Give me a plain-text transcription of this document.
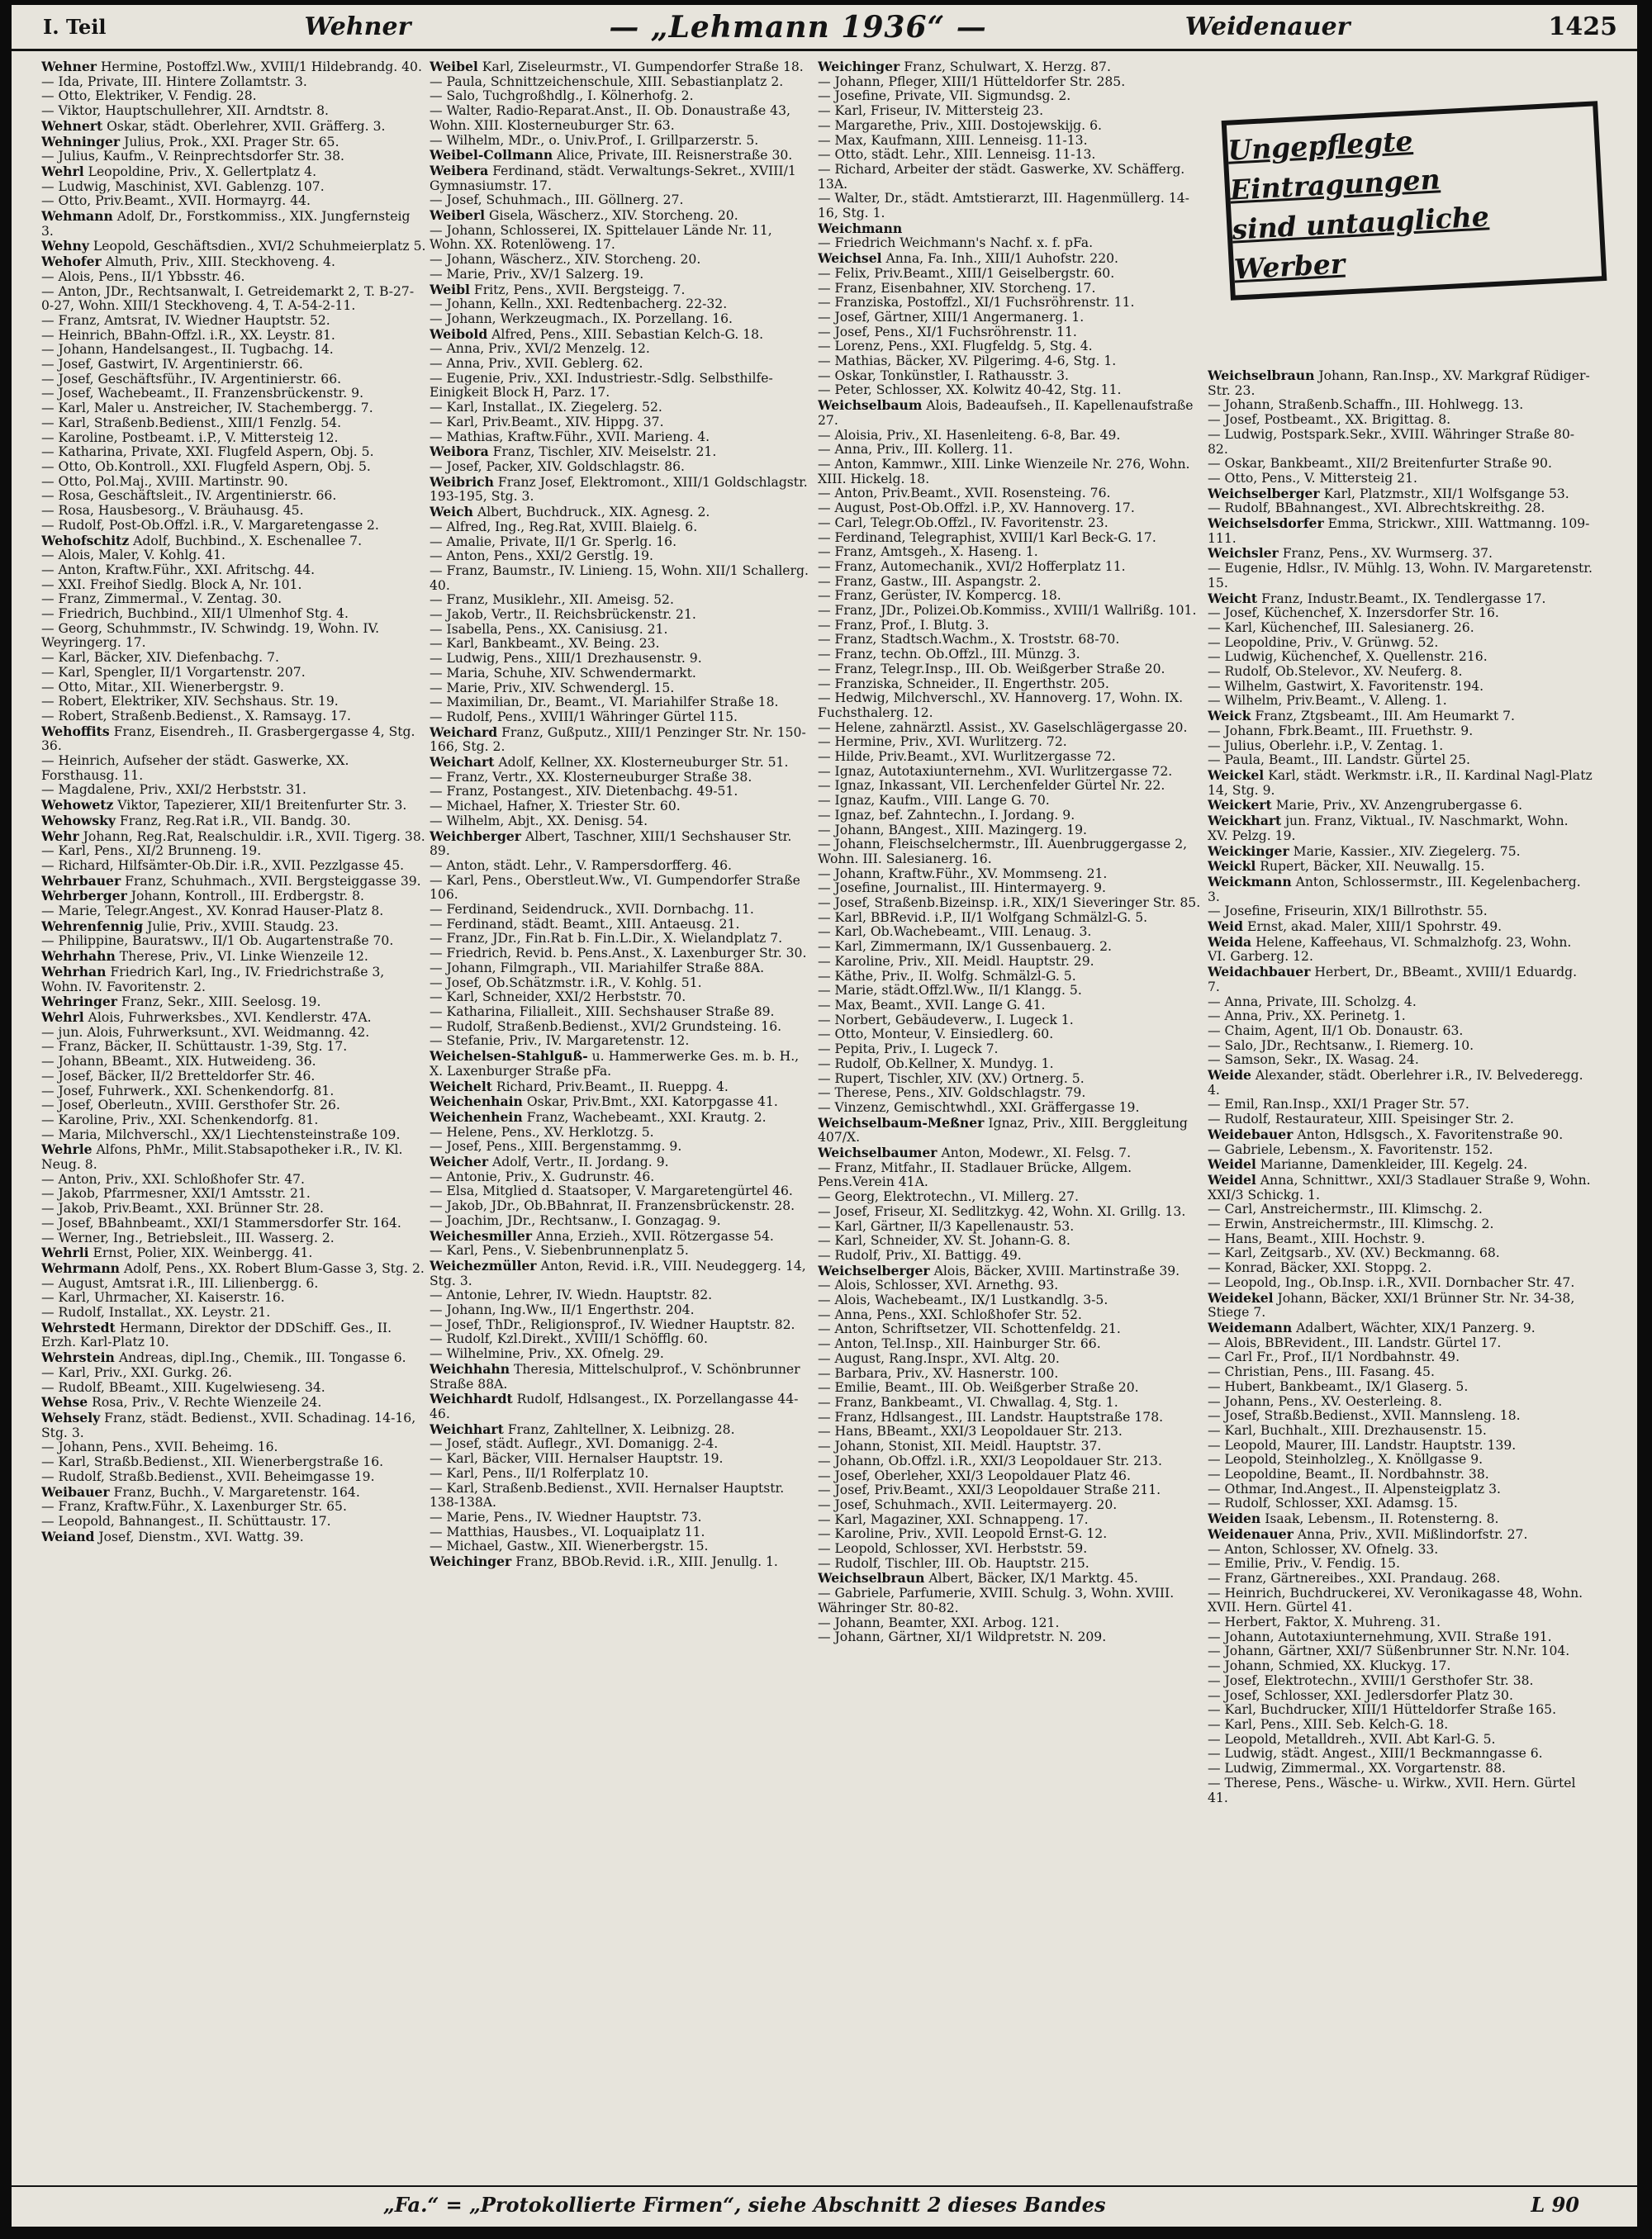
I. Teil	Wehner	— „Lehmann 1936“ —	Weidenauer	1425

Wehner Hermine, Postoffzl.Ww., XVIII/1 Hildebrandg. 40.

— Ida, Private, III. Hintere Zollamtstr. 3.

— Otto, Elektriker, V. Fendig. 28.

— Viktor, Hauptschullehrer, XII. Arndtstr. 8.

Wehnert Oskar, städt. Oberlehrer, XVII. Gräfferg. 3.

Wehninger Julius, Prok., XXI. Prager Str. 65.

— Julius, Kaufm., V. Reinprechtsdorfer Str. 38.

Wehrl Leopoldine, Priv., X. Gellertplatz 4.

— Ludwig, Maschinist, XVI. Gablenzg. 107.

— Otto, Priv.Beamt., XVII. Hormayrg. 44.

Wehmann Adolf, Dr., Forstkommiss., XIX. Jungfernsteig 3.

Wehny Leopold, Geschäftsdien., XVI/2 Schuhmeierplatz 5.

Wehofer Almuth, Priv., XIII. Steckhoveng. 4.

— Alois, Pens., II/1 Ybbsstr. 46.

— Anton, JDr., Rechtsanwalt, I. Getreidemarkt 2, T. B-27-0-27, Wohn. XIII/1 Steckhoveng. 4, T. A-54-2-11.

— Franz, Amtsrat, IV. Wiedner Hauptstr. 52.

— Heinrich, BBahn-Offzl. i.R., XX. Leystr. 81.

— Johann, Handelsangest., II. Tugbachg. 14.

— Josef, Gastwirt, IV. Argentinierstr. 66.

— Josef, Geschäftsführ., IV. Argentinierstr. 66.

— Josef, Wachebeamt., II. Franzensbrückenstr. 9.

— Karl, Maler u. Anstreicher, IV. Stachembergg. 7.

— Karl, Straßenb.Bedienst., XIII/1 Fenzlg. 54.

— Karoline, Postbeamt. i.P., V. Mittersteig 12.

— Katharina, Private, XXI. Flugfeld Aspern, Obj. 5.

— Otto, Ob.Kontroll., XXI. Flugfeld Aspern, Obj. 5.

— Otto, Pol.Maj., XVIII. Martinstr. 90.

— Rosa, Geschäftsleit., IV. Argentinierstr. 66.

— Rosa, Hausbesorg., V. Bräuhausg. 45.

— Rudolf, Post-Ob.Offzl. i.R., V. Margaretengasse 2.

Wehofschitz Adolf, Buchbind., X. Eschenallee 7.

— Alois, Maler, V. Kohlg. 41.

— Anton, Kraftw.Führ., XXI. Afritschg. 44.

— XXI. Freihof Siedlg. Block A, Nr. 101.

— Franz, Zimmermal., V. Zentag. 30.

— Friedrich, Buchbind., XII/1 Ulmenhof Stg. 4.

— Georg, Schuhmmstr., IV. Schwindg. 19, Wohn. IV. Weyringerg. 17.

— Karl, Bäcker, XIV. Diefenbachg. 7.

— Karl, Spengler, II/1 Vorgartenstr. 207.

— Otto, Mitar., XII. Wienerbergstr. 9.

— Robert, Elektriker, XIV. Sechshaus. Str. 19.

— Robert, Straßenb.Bedienst., X. Ramsayg. 17.

Wehoffits Franz, Eisendreh., II. Grasbergergasse 4, Stg. 36.

— Heinrich, Aufseher der städt. Gaswerke, XX. Forsthausg. 11.

— Magdalene, Priv., XXI/2 Herbststr. 31.

Wehowetz Viktor, Tapezierer, XII/1 Breitenfurter Str. 3.

Wehowsky Franz, Reg.Rat i.R., VII. Bandg. 30.

Wehr Johann, Reg.Rat, Realschuldir. i.R., XVII. Tigerg. 38.

— Karl, Pens., XI/2 Brunneng. 19.

— Richard, Hilfsämter-Ob.Dir. i.R., XVII. Pezzlgasse 45.

Wehrbauer Franz, Schuhmach., XVII. Bergsteiggasse 39.

Wehrberger Johann, Kontroll., III. Erdbergstr. 8.

— Marie, Telegr.Angest., XV. Konrad Hauser-Platz 8.

Wehrenfennig Julie, Priv., XVIII. Staudg. 23.

— Philippine, Bauratswv., II/1 Ob. Augartenstraße 70.

Wehrhahn Therese, Priv., VI. Linke Wienzeile 12.

Wehrhan Friedrich Karl, Ing., IV. Friedrichstraße 3, Wohn. IV. Favoritenstr. 2.

Wehringer Franz, Sekr., XIII. Seelosg. 19.

Wehrl Alois, Fuhrwerksbes., XVI. Kendlerstr. 47A.

— jun. Alois, Fuhrwerksunt., XVI. Weidmanng. 42.

— Franz, Bäcker, II. Schüttaustr. 1-39, Stg. 17.

— Johann, BBeamt., XIX. Hutweideng. 36.

— Josef, Bäcker, II/2 Bretteldorfer Str. 46.

— Josef, Fuhrwerk., XXI. Schenkendorfg. 81.

— Josef, Oberleutn., XVIII. Gersthofer Str. 26.

— Karoline, Priv., XXI. Schenkendorfg. 81.

— Maria, Milchverschl., XX/1 Liechtensteinstraße 109.

Wehrle Alfons, PhMr., Milit.Stabsapotheker i.R., IV. Kl. Neug. 8.

— Anton, Priv., XXI. Schloßhofer Str. 47.

— Jakob, Pfarrmesner, XXI/1 Amtsstr. 21.

— Jakob, Priv.Beamt., XXI. Brünner Str. 28.

— Josef, BBahnbeamt., XXI/1 Stammersdorfer Str. 164.

— Werner, Ing., Betriebsleit., III. Wasserg. 2.

Wehrli Ernst, Polier, XIX. Weinbergg. 41.

Wehrmann Adolf, Pens., XX. Robert Blum-Gasse 3, Stg. 2.

— August, Amtsrat i.R., III. Lilienbergg. 6.

— Karl, Uhrmacher, XI. Kaiserstr. 16.

— Rudolf, Installat., XX. Leystr. 21.

Wehrstedt Hermann, Direktor der DDSchiff. Ges., II. Erzh. Karl-Platz 10.

Wehrstein Andreas, dipl.Ing., Chemik., III. Tongasse 6.

— Karl, Priv., XXI. Gurkg. 26.

— Rudolf, BBeamt., XIII. Kugelwieseng. 34.

Wehse Rosa, Priv., V. Rechte Wienzeile 24.

Wehsely Franz, städt. Bedienst., XVII. Schadinag. 14-16, Stg. 3.

— Johann, Pens., XVII. Beheimg. 16.

— Karl, Straßb.Bedienst., XII. Wienerbergstraße 16.

— Rudolf, Straßb.Bedienst., XVII. Beheimgasse 19.

Weibauer Franz, Buchh., V. Margaretenstr. 164.

— Franz, Kraftw.Führ., X. Laxenburger Str. 65.

— Leopold, Bahnangest., II. Schüttaustr. 17.

Weiand Josef, Dienstm., XVI. Wattg. 39.

Weibel Karl, Ziseleurmstr., VI. Gumpendorfer Straße 18.

— Paula, Schnittzeichenschule, XIII. Sebastianplatz 2.

— Salo, Tuchgroßhdlg., I. Kölnerhofg. 2.

— Walter, Radio-Reparat.Anst., II. Ob. Donaustraße 43, Wohn. XIII. Klosterneuburger Str. 63.

— Wilhelm, MDr., o. Univ.Prof., I. Grillparzerstr. 5.

Weibel-Collmann Alice, Private, III. Reisnerstraße 30.

Weibera Ferdinand, städt. Verwaltungs-Sekret., XVIII/1 Gymnasiumstr. 17.

— Josef, Schuhmach., III. Göllnerg. 27.

Weiberl Gisela, Wäscherz., XIV. Storcheng. 20.

— Johann, Schlosserei, IX. Spittelauer Lände Nr. 11, Wohn. XX. Rotenlöweng. 17.

— Johann, Wäscherz., XIV. Storcheng. 20.

— Marie, Priv., XV/1 Salzerg. 19.

Weibl Fritz, Pens., XVII. Bergsteigg. 7.

— Johann, Kelln., XXI. Redtenbacherg. 22-32.

— Johann, Werkzeugmach., IX. Porzellang. 16.

Weibold Alfred, Pens., XIII. Sebastian Kelch-G. 18.

— Anna, Priv., XVI/2 Menzelg. 12.

— Anna, Priv., XVII. Geblerg. 62.

— Eugenie, Priv., XXI. Industriestr.-Sdlg. Selbsthilfe-Einigkeit Block H, Parz. 17.

— Karl, Installat., IX. Ziegelerg. 52.

— Karl, Priv.Beamt., XIV. Hippg. 37.

— Mathias, Kraftw.Führ., XVII. Marieng. 4.

Weibora Franz, Tischler, XIV. Meiselstr. 21.

— Josef, Packer, XIV. Goldschlagstr. 86.

Weibrich Franz Josef, Elektromont., XIII/1 Goldschlagstr. 193-195, Stg. 3.

Weich Albert, Buchdruck., XIX. Agnesg. 2.

— Alfred, Ing., Reg.Rat, XVIII. Blaielg. 6.

— Amalie, Private, II/1 Gr. Sperlg. 16.

— Anton, Pens., XXI/2 Gerstlg. 19.

— Franz, Baumstr., IV. Linieng. 15, Wohn. XII/1 Schallerg. 40.

— Franz, Musiklehr., XII. Ameisg. 52.

— Jakob, Vertr., II. Reichsbrückenstr. 21.

— Isabella, Pens., XX. Canisiusg. 21.

— Karl, Bankbeamt., XV. Being. 23.

— Ludwig, Pens., XIII/1 Drezhausenstr. 9.

— Maria, Schuhe, XIV. Schwendermarkt.

— Marie, Priv., XIV. Schwendergl. 15.

— Maximilian, Dr., Beamt., VI. Mariahilfer Straße 18.

— Rudolf, Pens., XVIII/1 Währinger Gürtel 115.

Weichard Franz, Gußputz., XIII/1 Penzinger Str. Nr. 150-166, Stg. 2.

Weichart Adolf, Kellner, XX. Klosterneuburger Str. 51.

— Franz, Vertr., XX. Klosterneuburger Straße 38.

— Franz, Postangest., XIV. Dietenbachg. 49-51.

— Michael, Hafner, X. Triester Str. 60.

— Wilhelm, Abjt., XX. Denisg. 54.

Weichberger Albert, Taschner, XIII/1 Sechshauser Str. 89.

— Anton, städt. Lehr., V. Rampersdorfferg. 46.

— Karl, Pens., Oberstleut.Ww., VI. Gumpendorfer Straße 106.

— Ferdinand, Seidendruck., XVII. Dornbachg. 11.

— Ferdinand, städt. Beamt., XIII. Antaeusg. 21.

— Franz, JDr., Fin.Rat b. Fin.L.Dir., X. Wielandplatz 7.

— Friedrich, Revid. b. Pens.Anst., X. Laxenburger Str. 30.

— Johann, Filmgraph., VII. Mariahilfer Straße 88A.

— Josef, Ob.Schätzmstr. i.R., V. Kohlg. 51.

— Karl, Schneider, XXI/2 Herbststr. 70.

— Katharina, Filialleit., XIII. Sechshauser Straße 89.

— Rudolf, Straßenb.Bedienst., XVI/2 Grundsteing. 16.

— Stefanie, Priv., IV. Margaretenstr. 12.

Weichelsen-Stahlguß- u. Hammerwerke Ges. m. b. H., X. Laxenburger Straße pFa.

Weichelt Richard, Priv.Beamt., II. Rueppg. 4.

Weichenhain Oskar, Priv.Bmt., XXI. Katorpgasse 41.

Weichenhein Franz, Wachebeamt., XXI. Krautg. 2.

— Helene, Pens., XV. Herklotzg. 5.

— Josef, Pens., XIII. Bergenstammg. 9.

Weicher Adolf, Vertr., II. Jordang. 9.

— Antonie, Priv., X. Gudrunstr. 46.

— Elsa, Mitglied d. Staatsoper, V. Margaretengürtel 46.

— Jakob, JDr., Ob.BBahnrat, II. Franzensbrückenstr. 28.

— Joachim, JDr., Rechtsanw., I. Gonzagag. 9.

Weichesmiller Anna, Erzieh., XVII. Rötzergasse 54.

— Karl, Pens., V. Siebenbrunnenplatz 5.

Weichezmüller Anton, Revid. i.R., VIII. Neudeggerg. 14, Stg. 3.

— Antonie, Lehrer, IV. Wiedn. Hauptstr. 82.

— Johann, Ing.Ww., II/1 Engerthstr. 204.

— Josef, ThDr., Religionsprof., IV. Wiedner Hauptstr. 82.

— Rudolf, Kzl.Direkt., XVIII/1 Schöfflg. 60.

— Wilhelmine, Priv., XX. Ofnelg. 29.

Weichhahn Theresia, Mittelschulprof., V. Schönbrunner Straße 88A.

Weichhardt Rudolf, Hdlsangest., IX. Porzellangasse 44-46.

Weichhart Franz, Zahltellner, X. Leibnizg. 28.

— Josef, städt. Auflegr., XVI. Domanigg. 2-4.

— Karl, Bäcker, VIII. Hernalser Hauptstr. 19.

— Karl, Pens., II/1 Rolferplatz 10.

— Karl, Straßenb.Bedienst., XVII. Hernalser Hauptstr. 138-138A.

— Marie, Pens., IV. Wiedner Hauptstr. 73.

— Matthias, Hausbes., VI. Loquaiplatz 11.

— Michael, Gastw., XII. Wienerbergstr. 15.

Weichinger Franz, BBOb.Revid. i.R., XIII. Jenullg. 1.

Weichinger Franz, Schulwart, X. Herzg. 87.

— Johann, Pfleger, XIII/1 Hütteldorfer Str. 285.

— Josefine, Private, VII. Sigmundsg. 2.

— Karl, Friseur, IV. Mittersteig 23.

— Margarethe, Priv., XIII. Dostojewskijg. 6.

— Max, Kaufmann, XIII. Lenneisg. 11-13.

— Otto, städt. Lehr., XIII. Lenneisg. 11-13.

— Richard, Arbeiter der städt. Gaswerke, XV. Schäfferg. 13A.

— Walter, Dr., städt. Amtstierarzt, III. Hagenmüllerg. 14-16, Stg. 1.

Weichmann

— Friedrich Weichmann's Nachf. x. f. pFa.

Weichsel Anna, Fa. Inh., XIII/1 Auhofstr. 220.

— Felix, Priv.Beamt., XIII/1 Geiselbergstr. 60.

— Franz, Eisenbahner, XIV. Storcheng. 17.

— Franziska, Postoffzl., XI/1 Fuchsröhrenstr. 11.

— Josef, Gärtner, XIII/1 Angermanerg. 1.

— Josef, Pens., XI/1 Fuchsröhrenstr. 11.

— Lorenz, Pens., XXI. Flugfeldg. 5, Stg. 4.

— Mathias, Bäcker, XV. Pilgerimg. 4-6, Stg. 1.

— Oskar, Tonkünstler, I. Rathausstr. 3.

— Peter, Schlosser, XX. Kolwitz 40-42, Stg. 11.

Weichselbaum Alois, Badeaufseh., II. Kapellenaufstraße 27.

— Aloisia, Priv., XI. Hasenleiteng. 6-8, Bar. 49.

— Anna, Priv., III. Kollerg. 11.

— Anton, Kammwr., XIII. Linke Wienzeile Nr. 276, Wohn. XIII. Hickelg. 18.

— Anton, Priv.Beamt., XVII. Rosensteing. 76.

— August, Post-Ob.Offzl. i.P., XV. Hannoverg. 17.

— Carl, Telegr.Ob.Offzl., IV. Favoritenstr. 23.

— Ferdinand, Telegraphist, XVIII/1 Karl Beck-G. 17.

— Franz, Amtsgeh., X. Haseng. 1.

— Franz, Automechanik., XVI/2 Hofferplatz 11.

— Franz, Gastw., III. Aspangstr. 2.

— Franz, Gerüster, IV. Kompercg. 18.

— Franz, JDr., Polizei.Ob.Kommiss., XVIII/1 Wallrißg. 101.

— Franz, Prof., I. Blutg. 3.

— Franz, Stadtsch.Wachm., X. Troststr. 68-70.

— Franz, techn. Ob.Offzl., III. Münzg. 3.

— Franz, Telegr.Insp., III. Ob. Weißgerber Straße 20.

— Franziska, Schneider., II. Engerthstr. 205.

— Hedwig, Milchverschl., XV. Hannoverg. 17, Wohn. IX. Fuchsthalerg. 12.

— Helene, zahnärztl. Assist., XV. Gaselschlägergasse 20.

— Hermine, Priv., XVI. Wurlitzerg. 72.

— Hilde, Priv.Beamt., XVI. Wurlitzergasse 72.

— Ignaz, Autotaxiunternehm., XVI. Wurlitzergasse 72.

— Ignaz, Inkassant, VII. Lerchenfelder Gürtel Nr. 22.

— Ignaz, Kaufm., VIII. Lange G. 70.

— Ignaz, bef. Zahntechn., I. Jordang. 9.

— Johann, BAngest., XIII. Mazingerg. 19.

— Johann, Fleischselchermstr., III. Auenbruggergasse 2, Wohn. III. Salesianerg. 16.

— Johann, Kraftw.Führ., XV. Mommseng. 21.

— Josefine, Journalist., III. Hintermayerg. 9.

— Josef, Straßenb.Bizeinsp. i.R., XIX/1 Sieveringer Str. 85.

— Karl, BBRevid. i.P., II/1 Wolfgang Schmälzl-G. 5.

— Karl, Ob.Wachebeamt., VIII. Lenaug. 3.

— Karl, Zimmermann, IX/1 Gussenbauerg. 2.

— Karoline, Priv., XII. Meidl. Hauptstr. 29.

— Käthe, Priv., II. Wolfg. Schmälzl-G. 5.

— Marie, städt.Offzl.Ww., II/1 Klangg. 5.

— Max, Beamt., XVII. Lange G. 41.

— Norbert, Gebäudeverw., I. Lugeck 1.

— Otto, Monteur, V. Einsiedlerg. 60.

— Pepita, Priv., I. Lugeck 7.

— Rudolf, Ob.Kellner, X. Mundyg. 1.

— Rupert, Tischler, XIV. (XV.) Ortnerg. 5.

— Therese, Pens., XIV. Goldschlagstr. 79.

— Vinzenz, Gemischtwhdl., XXI. Gräffergasse 19.

Weichselbaum-Meßner Ignaz, Priv., XIII. Berggleitung 407/X.

Weichselbaumer Anton, Modewr., XI. Felsg. 7.

— Franz, Mitfahr., II. Stadlauer Brücke, Allgem. Pens.Verein 41A.

— Georg, Elektrotechn., VI. Millerg. 27.

— Josef, Friseur, XI. Sedlitzkyg. 42, Wohn. XI. Grillg. 13.

— Karl, Gärtner, II/3 Kapellenaustr. 53.

— Karl, Schneider, XV. St. Johann-G. 8.

— Rudolf, Priv., XI. Battigg. 49.

Weichselberger Alois, Bäcker, XVIII. Martinstraße 39.

— Alois, Schlosser, XVI. Arnethg. 93.

— Alois, Wachebeamt., IX/1 Lustkandlg. 3-5.

— Anna, Pens., XXI. Schloßhofer Str. 52.

— Anton, Schriftsetzer, VII. Schottenfeldg. 21.

— Anton, Tel.Insp., XII. Hainburger Str. 66.

— August, Rang.Inspr., XVI. Altg. 20.

— Barbara, Priv., XV. Hasnerstr. 100.

— Emilie, Beamt., III. Ob. Weißgerber Straße 20.

— Franz, Bankbeamt., VI. Chwallag. 4, Stg. 1.

— Franz, Hdlsangest., III. Landstr. Hauptstraße 178.

— Hans, BBeamt., XXI/3 Leopoldauer Str. 213.

— Johann, Stonist, XII. Meidl. Hauptstr. 37.

— Johann, Ob.Offzl. i.R., XXI/3 Leopoldauer Str. 213.

— Josef, Oberleher, XXI/3 Leopoldauer Platz 46.

— Josef, Priv.Beamt., XXI/3 Leopoldauer Straße 211.

— Josef, Schuhmach., XVII. Leitermayerg. 20.

— Karl, Magaziner, XXI. Schnappeng. 17.

— Karoline, Priv., XVII. Leopold Ernst-G. 12.

— Leopold, Schlosser, XVI. Herbststr. 59.

— Rudolf, Tischler, III. Ob. Hauptstr. 215.

Weichselbraun Albert, Bäcker, IX/1 Marktg. 45.

— Gabriele, Parfumerie, XVIII. Schulg. 3, Wohn. XVIII. Währinger Str. 80-82.

— Johann, Beamter, XXI. Arbog. 121.

— Johann, Gärtner, XI/1 Wildpretstr. N. 209.

Ungepflegte Eintragungen
sind untaugliche Werber

Weichselbraun Johann, Ran.Insp., XV. Markgraf Rüdiger-Str. 23.

— Johann, Straßenb.Schaffn., III. Hohlwegg. 13.

— Josef, Postbeamt., XX. Brigittag. 8.

— Ludwig, Postspark.Sekr., XVIII. Währinger Straße 80-82.

— Oskar, Bankbeamt., XII/2 Breitenfurter Straße 90.

— Otto, Pens., V. Mittersteig 21.

Weichselberger Karl, Platzmstr., XII/1 Wolfsgange 53.

— Rudolf, BBahnangest., XVI. Albrechtskreithg. 28.

Weichselsdorfer Emma, Strickwr., XIII. Wattmanng. 109-111.

Weichsler Franz, Pens., XV. Wurmserg. 37.

— Eugenie, Hdlsr., IV. Mühlg. 13, Wohn. IV. Margaretenstr. 15.

Weicht Franz, Industr.Beamt., IX. Tendlergasse 17.

— Josef, Küchenchef, X. Inzersdorfer Str. 16.

— Karl, Küchenchef, III. Salesianerg. 26.

— Leopoldine, Priv., V. Grünwg. 52.

— Ludwig, Küchenchef, X. Quellenstr. 216.

— Rudolf, Ob.Stelevor., XV. Neuferg. 8.

— Wilhelm, Gastwirt, X. Favoritenstr. 194.

— Wilhelm, Priv.Beamt., V. Alleng. 1.

Weick Franz, Ztgsbeamt., III. Am Heumarkt 7.

— Johann, Fbrk.Beamt., III. Fruethstr. 9.

— Julius, Oberlehr. i.P., V. Zentag. 1.

— Paula, Beamt., III. Landstr. Gürtel 25.

Weickel Karl, städt. Werkmstr. i.R., II. Kardinal Nagl-Platz 14, Stg. 9.

Weickert Marie, Priv., XV. Anzengrubergasse 6.

Weickhart jun. Franz, Viktual., IV. Naschmarkt, Wohn. XV. Pelzg. 19.

Weickinger Marie, Kassier., XIV. Ziegelerg. 75.

Weickl Rupert, Bäcker, XII. Neuwallg. 15.

Weickmann Anton, Schlossermstr., III. Kegelenbacherg. 3.

— Josefine, Friseurin, XIX/1 Billrothstr. 55.

Weid Ernst, akad. Maler, XIII/1 Spohrstr. 49.

Weida Helene, Kaffeehaus, VI. Schmalzhofg. 23, Wohn. VI. Garberg. 12.

Weidachbauer Herbert, Dr., BBeamt., XVIII/1 Eduardg. 7.

— Anna, Private, III. Scholzg. 4.

— Anna, Priv., XX. Perinetg. 1.

— Chaim, Agent, II/1 Ob. Donaustr. 63.

— Salo, JDr., Rechtsanw., I. Riemerg. 10.

— Samson, Sekr., IX. Wasag. 24.

Weide Alexander, städt. Oberlehrer i.R., IV. Belvederegg. 4.

— Emil, Ran.Insp., XXI/1 Prager Str. 57.

— Rudolf, Restaurateur, XIII. Speisinger Str. 2.

Weidebauer Anton, Hdlsgsch., X. Favoritenstraße 90.

— Gabriele, Lebensm., X. Favoritenstr. 152.

Weidel Marianne, Damenkleider, III. Kegelg. 24.

Weidel Anna, Schnittwr., XXI/3 Stadlauer Straße 9, Wohn. XXI/3 Schickg. 1.

— Carl, Anstreichermstr., III. Klimschg. 2.

— Erwin, Anstreichermstr., III. Klimschg. 2.

— Hans, Beamt., XIII. Hochstr. 9.

— Karl, Zeitgsarb., XV. (XV.) Beckmanng. 68.

— Konrad, Bäcker, XXI. Stoppg. 2.

— Leopold, Ing., Ob.Insp. i.R., XVII. Dornbacher Str. 47.

Weidekel Johann, Bäcker, XXI/1 Brünner Str. Nr. 34-38, Stiege 7.

Weidemann Adalbert, Wächter, XIX/1 Panzerg. 9.

— Alois, BBRevident., III. Landstr. Gürtel 17.

— Carl Fr., Prof., II/1 Nordbahnstr. 49.

— Christian, Pens., III. Fasang. 45.

— Hubert, Bankbeamt., IX/1 Glaserg. 5.

— Johann, Pens., XV. Oesterleing. 8.

— Josef, Straßb.Bedienst., XVII. Mannsleng. 18.

— Karl, Buchhalt., XIII. Drezhausenstr. 15.

— Leopold, Maurer, III. Landstr. Hauptstr. 139.

— Leopold, Steinholzleg., X. Knöllgasse 9.

— Leopoldine, Beamt., II. Nordbahnstr. 38.

— Othmar, Ind.Angest., II. Alpensteigplatz 3.

— Rudolf, Schlosser, XXI. Adamsg. 15.

Weiden Isaak, Lebensm., II. Rotensterng. 8.

Weidenauer Anna, Priv., XVII. Mißlindorfstr. 27.

— Anton, Schlosser, XV. Ofnelg. 33.

— Emilie, Priv., V. Fendig. 15.

— Franz, Gärtnereibes., XXI. Prandaug. 268.

— Heinrich, Buchdruckerei, XV. Veronikagasse 48, Wohn. XVII. Hern. Gürtel 41.

— Herbert, Faktor, X. Muhreng. 31.

— Johann, Autotaxiunternehmung, XVII. Straße 191.

— Johann, Gärtner, XXI/7 Süßenbrunner Str. N.Nr. 104.

— Johann, Schmied, XX. Kluckyg. 17.

— Josef, Elektrotechn., XVIII/1 Gersthofer Str. 38.

— Josef, Schlosser, XXI. Jedlersdorfer Platz 30.

— Karl, Buchdrucker, XIII/1 Hütteldorfer Straße 165.

— Karl, Pens., XIII. Seb. Kelch-G. 18.

— Leopold, Metalldreh., XVII. Abt Karl-G. 5.

— Ludwig, städt. Angest., XIII/1 Beckmanngasse 6.

— Ludwig, Zimmermal., XX. Vorgartenstr. 88.

— Therese, Pens., Wäsche- u. Wirkw., XVII. Hern. Gürtel 41.

„Fa.“ = „Protokollierte Firmen“, siehe Abschnitt 2 dieses Bandes	L 90
